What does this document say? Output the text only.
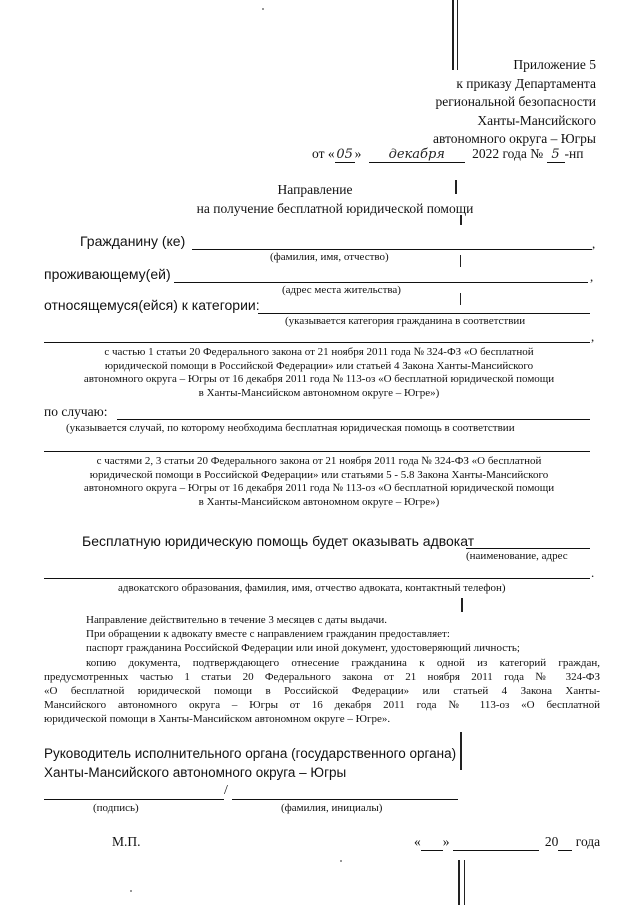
Приложение 5
к приказу Департамента
региональной безопасности
Ханты-Мансийского
автономного округа – Югры
от « 05 » декабря 2022 года № 5 -нп
Направление
на получение бесплатной юридической помощи
Гражданину (ке)	,
(фамилия, имя, отчество)
проживающему(ей)	,
(адрес места жительства)
относящемуся(ейся) к категории:
(указывается категория гражданина в соответствии
,
с частью 1 статьи 20 Федерального закона от 21 ноября 2011 года № 324-ФЗ «О бесплатной
юридической помощи в Российской Федерации» или статьей 4 Закона Ханты-Мансийского
автономного округа – Югры от 16 декабря 2011 года № 113-оз «О бесплатной юридической помощи
в Ханты-Мансийском автономном округе – Югре»)
по случаю:
(указывается случай, по которому необходима бесплатная юридическая помощь в соответствии
с частями 2, 3 статьи 20 Федерального закона от 21 ноября 2011 года № 324-ФЗ «О бесплатной
юридической помощи в Российской Федерации» или статьями 5 - 5.8 Закона Ханты-Мансийского
автономного округа – Югры от 16 декабря 2011 года № 113-оз «О бесплатной юридической помощи
в Ханты-Мансийском автономном округе – Югре»)
Бесплатную юридическую помощь будет оказывать адвокат
(наименование, адрес
.
адвокатского образования, фамилия, имя, отчество адвоката, контактный телефон)
Направление действительно в течение 3 месяцев с даты выдачи.
При обращении к адвокату вместе с направлением гражданин предоставляет:
паспорт гражданина Российской Федерации или иной документ, удостоверяющий личность;
копию документа, подтверждающего отнесение гражданина к одной из категорий граждан,
предусмотренных частью 1 статьи 20 Федерального закона от 21 ноября 2011 года № 324-ФЗ
«О бесплатной юридической помощи в Российской Федерации» или статьей 4 Закона Ханты-
Мансийского автономного округа – Югры от 16 декабря 2011 года № 113-оз «О бесплатной
юридической помощи в Ханты-Мансийском автономном округе – Югре».
Руководитель исполнительного органа (государственного органа)
Ханты-Мансийского автономного округа – Югры
/
(подпись)	(фамилия, инициалы)
М.П.	« »	20 года
